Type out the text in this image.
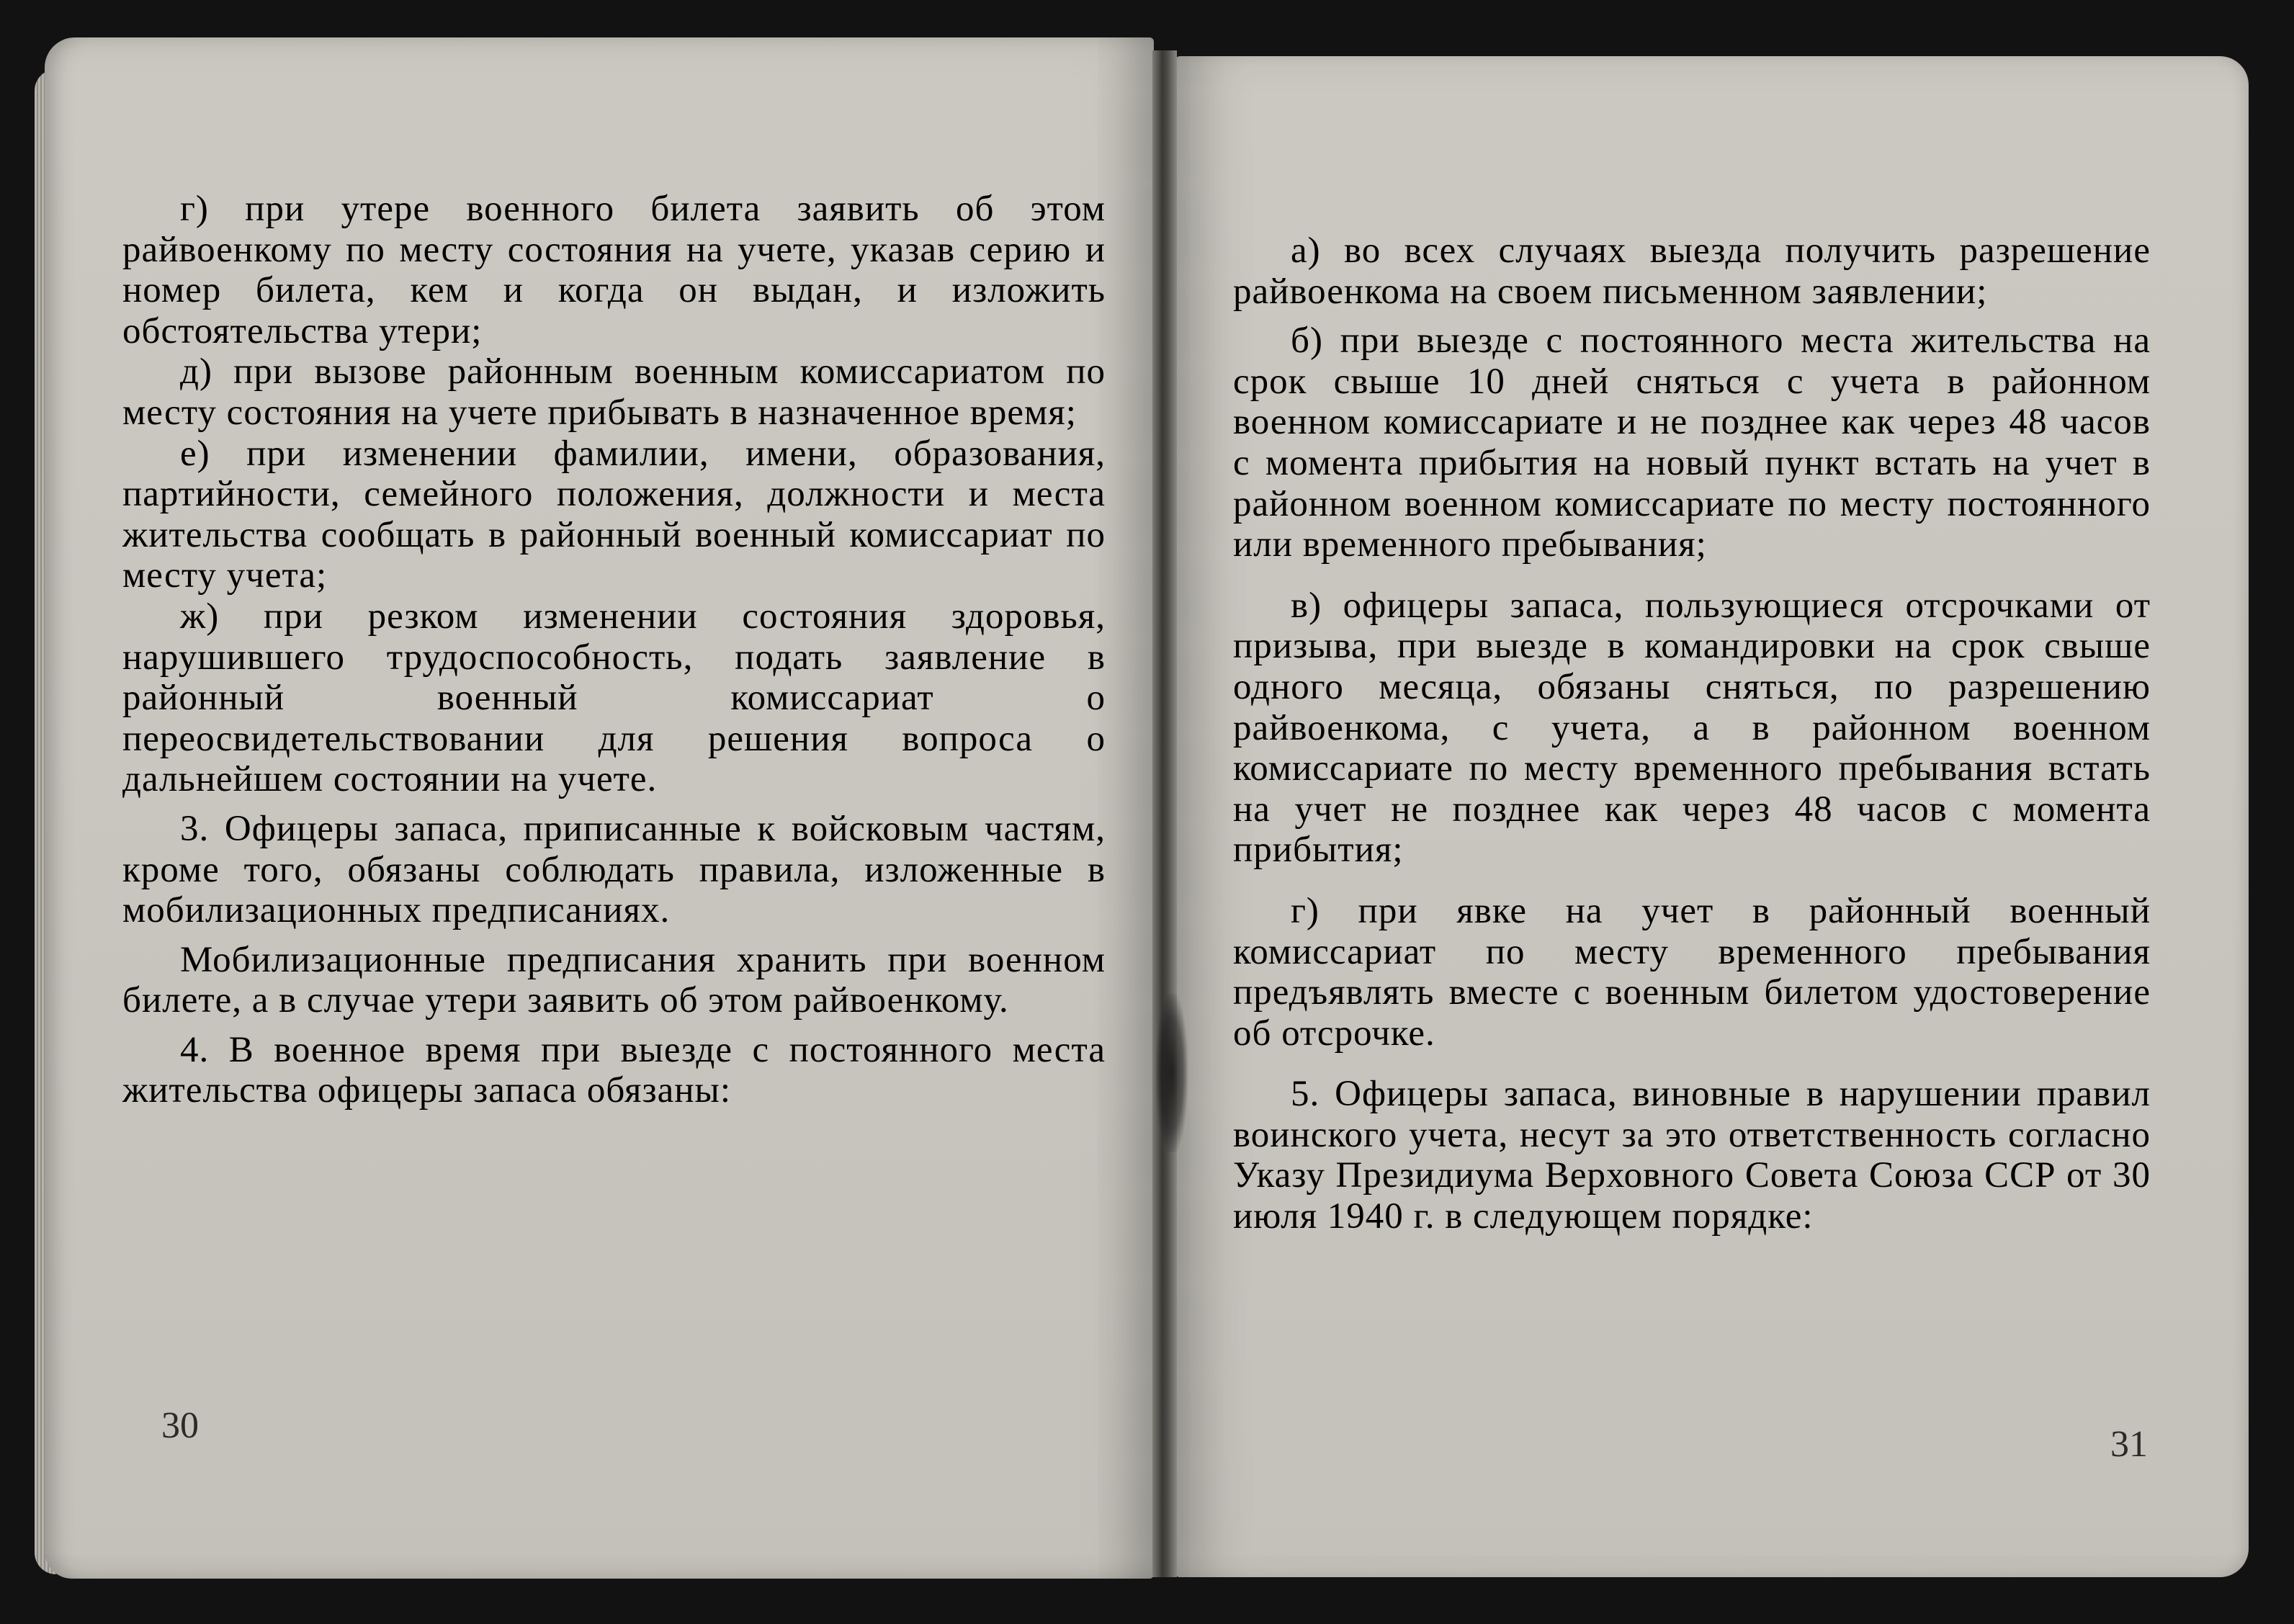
г) при утере военного билета заявить об этом райвоенкому по месту состояния на учете, указав серию и номер билета, кем и когда он выдан, и изложить обстоятельства утери;

д) при вызове районным военным комиссариатом по месту состояния на учете прибывать в назначенное время;

е) при изменении фамилии, имени, образования, партийности, семейного положения, должности и места жительства сообщать в районный военный комиссариат по месту учета;

ж) при резком изменении состояния здоровья, нарушившего трудоспособность, подать заявление в районный военный комиссариат о переосвидетельствовании для решения вопроса о дальнейшем состоянии на учете.

3. Офицеры запаса, приписанные к войсковым частям, кроме того, обязаны соблюдать правила, изложенные в мобилизационных предписаниях.

Мобилизационные предписания хранить при военном билете, а в случае утери заявить об этом райвоенкому.

4. В военное время при выезде с постоянного места жительства офицеры запаса обязаны:

30

а) во всех случаях выезда получить разрешение райвоенкома на своем письменном заявлении;

б) при выезде с постоянного места жительства на срок свыше 10 дней сняться с учета в районном военном комиссариате и не позднее как через 48 часов с момента прибытия на новый пункт встать на учет в районном военном комиссариате по месту постоянного или временного пребывания;

в) офицеры запаса, пользующиеся отсрочками от призыва, при выезде в командировки на срок свыше одного месяца, обязаны сняться, по разрешению райвоенкома, с учета, а в районном военном комиссариате по месту временного пребывания встать на учет не позднее как через 48 часов с момента прибытия;

г) при явке на учет в районный военный комиссариат по месту временного пребывания предъявлять вместе с военным билетом удостоверение об отсрочке.

5. Офицеры запаса, виновные в нарушении правил воинского учета, несут за это ответственность согласно Указу Президиума Верховного Совета Союза ССР от 30 июля 1940 г. в следующем порядке:

31
